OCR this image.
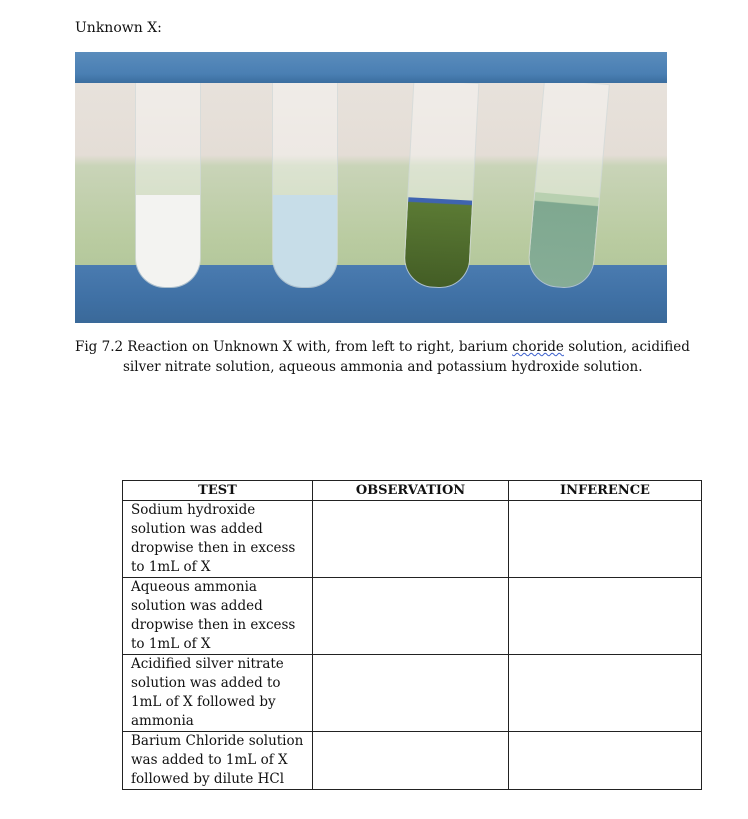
Unknown X:
Fig 7.2 Reaction on Unknown X with, from left to right, barium choride solution, acidified
silver nitrate solution, aqueous ammonia and potassium hydroxide solution.
TEST	OBSERVATION	INFERENCE
Sodium hydroxide solution was added dropwise then in excess to 1mL of X		
Aqueous ammonia solution was added dropwise then in excess to 1mL of X		
Acidified silver nitrate solution was added to 1mL of X followed by ammonia		
Barium Chloride solution was added to 1mL of X followed by dilute HCl		
